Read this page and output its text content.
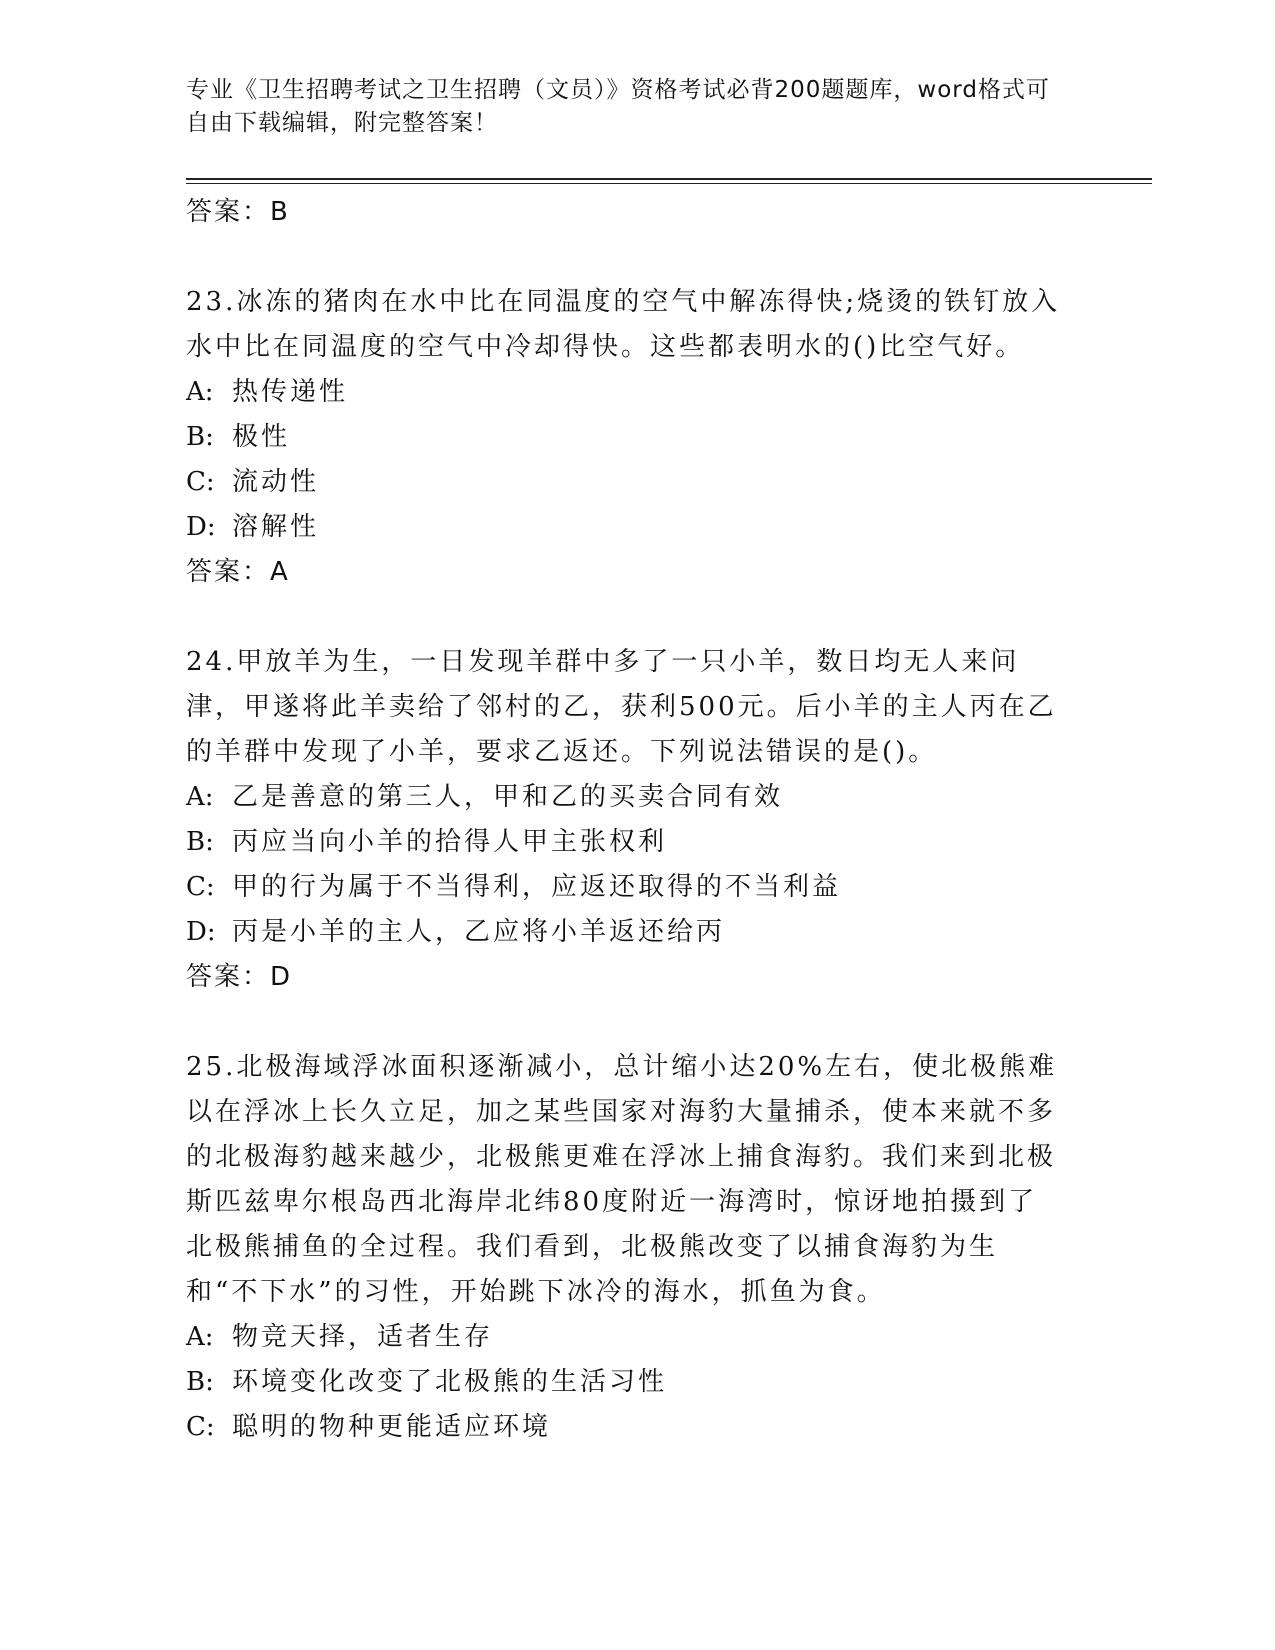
专业《卫生招聘考试之卫生招聘（文员）》资格考试必背200题题库，word格式可自由下载编辑，附完整答案！
答案：B

23.冰冻的猪肉在水中比在同温度的空气中解冻得快;烧烫的铁钉放入水中比在同温度的空气中冷却得快。这些都表明水的()比空气好。

A: 热传递性
B: 极性
C: 流动性
D: 溶解性
答案：A

24.甲放羊为生，一日发现羊群中多了一只小羊，数日均无人来问津，甲遂将此羊卖给了邻村的乙，获利500元。后小羊的主人丙在乙的羊群中发现了小羊，要求乙返还。下列说法错误的是()。

A: 乙是善意的第三人，甲和乙的买卖合同有效
B: 丙应当向小羊的拾得人甲主张权利
C: 甲的行为属于不当得利，应返还取得的不当利益
D: 丙是小羊的主人，乙应将小羊返还给丙
答案：D

25.北极海域浮冰面积逐渐减小，总计缩小达20%左右，使北极熊难以在浮冰上长久立足，加之某些国家对海豹大量捕杀，使本来就不多的北极海豹越来越少，北极熊更难在浮冰上捕食海豹。我们来到北极斯匹兹卑尔根岛西北海岸北纬80度附近一海湾时，惊讶地拍摄到了北极熊捕鱼的全过程。我们看到，北极熊改变了以捕食海豹为生和“不下水”的习性，开始跳下冰冷的海水，抓鱼为食。

A: 物竞天择，适者生存
B: 环境变化改变了北极熊的生活习性
C: 聪明的物种更能适应环境
